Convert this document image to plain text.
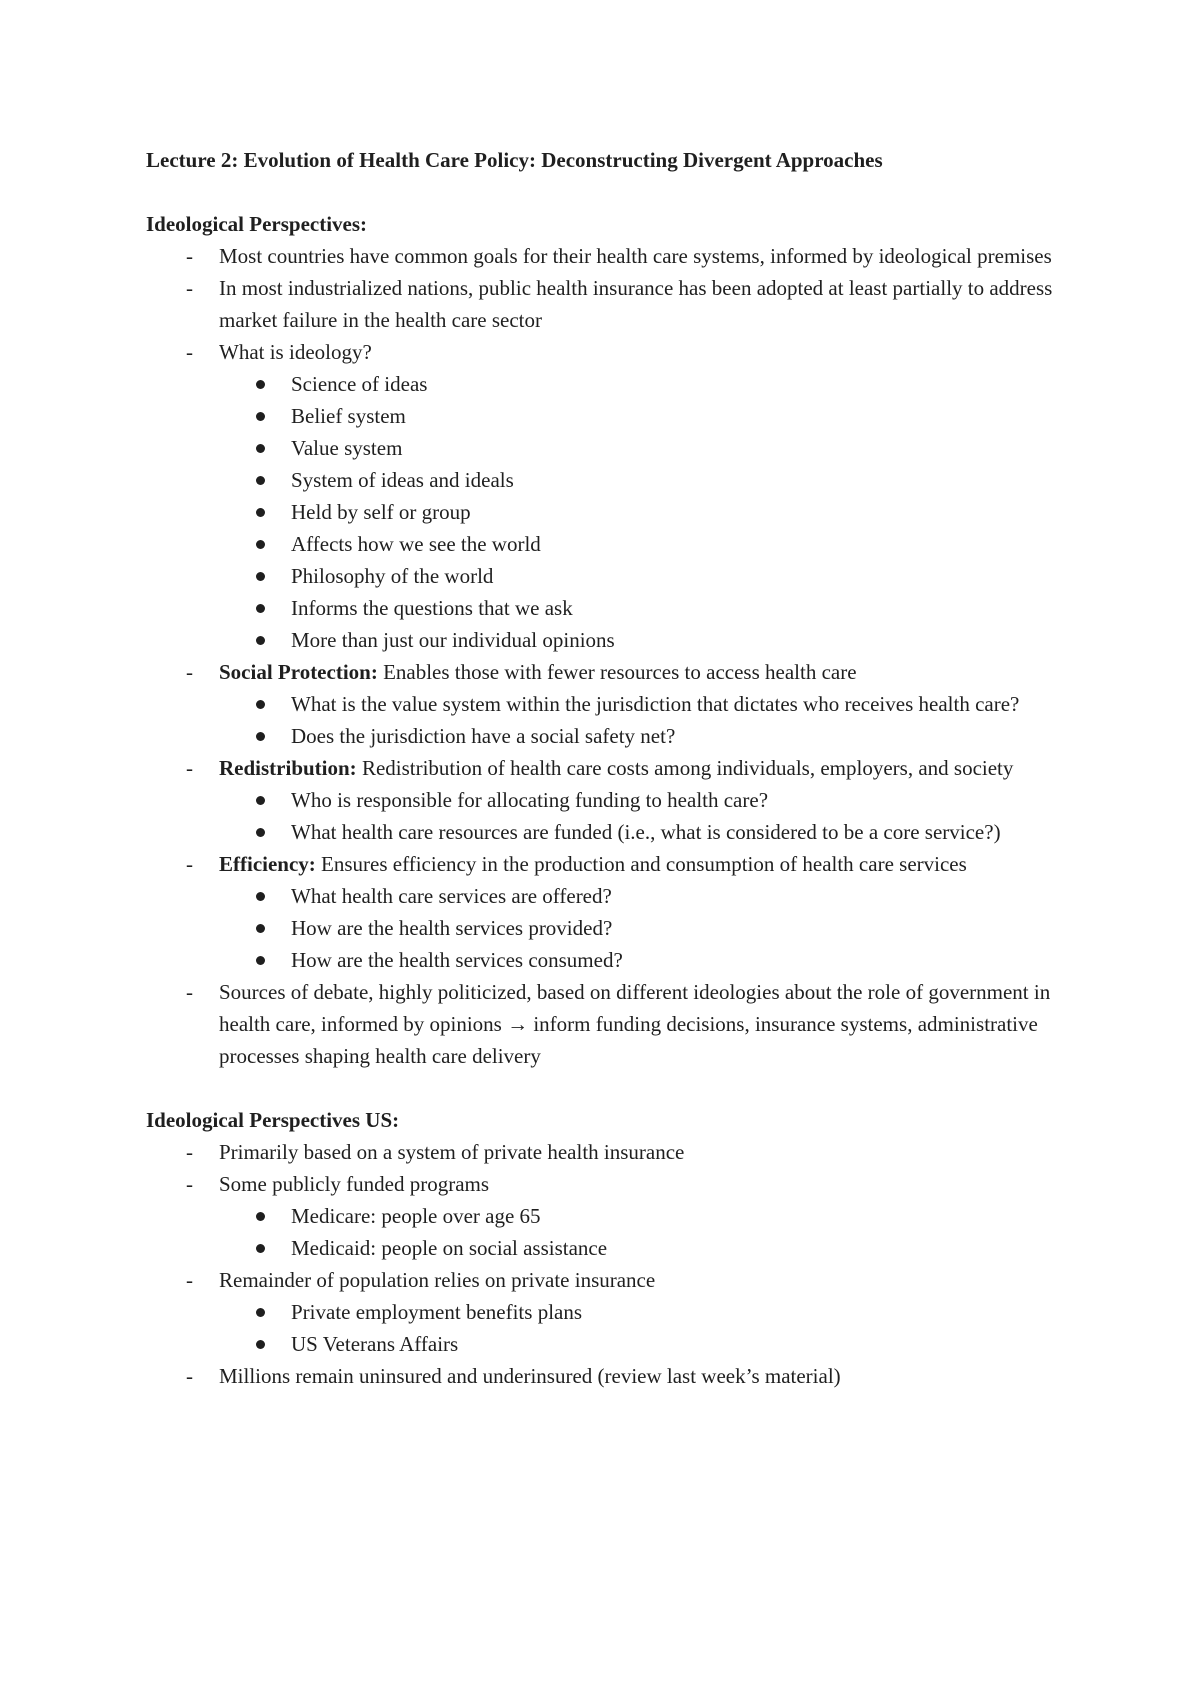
Lecture 2: Evolution of Health Care Policy: Deconstructing Divergent Approaches

Ideological Perspectives:

- Most countries have common goals for their health care systems, informed by ideological premises
- In most industrialized nations, public health insurance has been adopted at least partially to address market failure in the health care sector
- What is ideology?
Science of ideas
Belief system
Value system
System of ideas and ideals
Held by self or group
Affects how we see the world
Philosophy of the world
Informs the questions that we ask
More than just our individual opinions
- Social Protection: Enables those with fewer resources to access health care
What is the value system within the jurisdiction that dictates who receives health care?
Does the jurisdiction have a social safety net?
- Redistribution: Redistribution of health care costs among individuals, employers, and society
Who is responsible for allocating funding to health care?
What health care resources are funded (i.e., what is considered to be a core service?)
- Efficiency: Ensures efficiency in the production and consumption of health care services
What health care services are offered?
How are the health services provided?
How are the health services consumed?
- Sources of debate, highly politicized, based on different ideologies about the role of government in health care, informed by opinions → inform funding decisions, insurance systems, administrative processes shaping health care delivery

Ideological Perspectives US:

- Primarily based on a system of private health insurance
- Some publicly funded programs
Medicare: people over age 65
Medicaid: people on social assistance
- Remainder of population relies on private insurance
Private employment benefits plans
US Veterans Affairs
- Millions remain uninsured and underinsured (review last week’s material)
